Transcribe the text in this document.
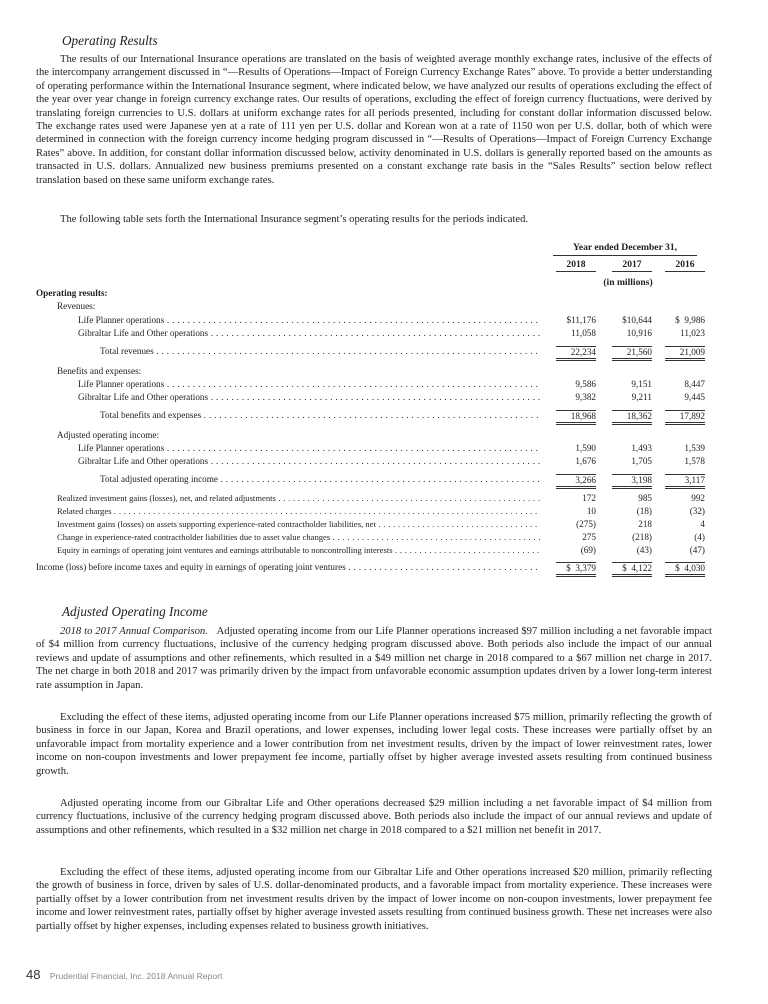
Operating Results

The results of our International Insurance operations are translated on the basis of weighted average monthly exchange rates, inclusive of the effects of the intercompany arrangement discussed in “—Results of Operations—Impact of Foreign Currency Exchange Rates” above. To provide a better understanding of operating performance within the International Insurance segment, where indicated below, we have analyzed our results of operations excluding the effect of the year over year change in foreign currency exchange rates. Our results of operations, excluding the effect of foreign currency fluctuations, were derived by translating foreign currencies to U.S. dollars at uniform exchange rates for all periods presented, including for constant dollar information discussed below. The exchange rates used were Japanese yen at a rate of 111 yen per U.S. dollar and Korean won at a rate of 1150 won per U.S. dollar, both of which were determined in connection with the foreign currency income hedging program discussed in “—Results of Operations—Impact of Foreign Currency Exchange Rates” above. In addition, for constant dollar information discussed below, activity denominated in U.S. dollars is generally reported based on the amounts as transacted in U.S. dollars. Annualized new business premiums presented on a constant exchange rate basis in the “Sales Results” section below reflect translation based on these same uniform exchange rates.

The following table sets forth the International Insurance segment’s operating results for the periods indicated.

Year ended December 31,
2018	2017	2016
(in millions)
Operating results:
Revenues:
Life Planner operations . . .	$11,176	$10,644	$  9,986
Gibraltar Life and Other operations . . .	11,058	10,916	11,023
Total revenues . . .	22,234	21,560	21,009
Benefits and expenses:
Life Planner operations . . .	9,586	9,151	8,447
Gibraltar Life and Other operations . . .	9,382	9,211	9,445
Total benefits and expenses . . .	18,968	18,362	17,892
Adjusted operating income:
Life Planner operations . . .	1,590	1,493	1,539
Gibraltar Life and Other operations . . .	1,676	1,705	1,578
Total adjusted operating income . . .	3,266	3,198	3,117
Realized investment gains (losses), net, and related adjustments . . .	172	985	992
Related charges . . .	10	(18)	(32)
Investment gains (losses) on assets supporting experience-rated contractholder liabilities, net . . .	(275)	218	4
Change in experience-rated contractholder liabilities due to asset value changes . . .	275	(218)	(4)
Equity in earnings of operating joint ventures and earnings attributable to noncontrolling interests . . .	(69)	(43)	(47)
Income (loss) before income taxes and equity in earnings of operating joint ventures . . .	$  3,379	$  4,122	$  4,030
Adjusted Operating Income

2018 to 2017 Annual Comparison. Adjusted operating income from our Life Planner operations increased $97 million including a net favorable impact of $4 million from currency fluctuations, inclusive of the currency hedging program discussed above. Both periods also include the impact of our annual reviews and update of assumptions and other refinements, which resulted in a $49 million net charge in 2018 compared to a $67 million net charge in 2017. The net charge in both 2018 and 2017 was primarily driven by the impact from unfavorable economic assumption updates driven by a lower long-term interest rate assumption in Japan.

Excluding the effect of these items, adjusted operating income from our Life Planner operations increased $75 million, primarily reflecting the growth of business in force in our Japan, Korea and Brazil operations, and lower expenses, including lower legal costs. These increases were partially offset by an unfavorable impact from mortality experience and a lower contribution from net investment results, driven by the impact of lower reinvestment rates, lower income on non-coupon investments and lower prepayment fee income, partially offset by higher average invested assets resulting from continued business growth.

Adjusted operating income from our Gibraltar Life and Other operations decreased $29 million including a net favorable impact of $4 million from currency fluctuations, inclusive of the currency hedging program discussed above. Both periods also include the impact of our annual reviews and update of assumptions and other refinements, which resulted in a $32 million net charge in 2018 compared to a $21 million net benefit in 2017.

Excluding the effect of these items, adjusted operating income from our Gibraltar Life and Other operations increased $20 million, primarily reflecting the growth of business in force, driven by sales of U.S. dollar-denominated products, and a favorable impact from mortality experience. These increases were partially offset by a lower contribution from net investment results driven by the impact of lower income on non-coupon investments, lower prepayment fee income and lower reinvestment rates, partially offset by higher average invested assets resulting from continued business growth. These net increases were also partially offset by higher expenses, including expenses related to business growth initiatives.

48 Prudential Financial, Inc. 2018 Annual Report
